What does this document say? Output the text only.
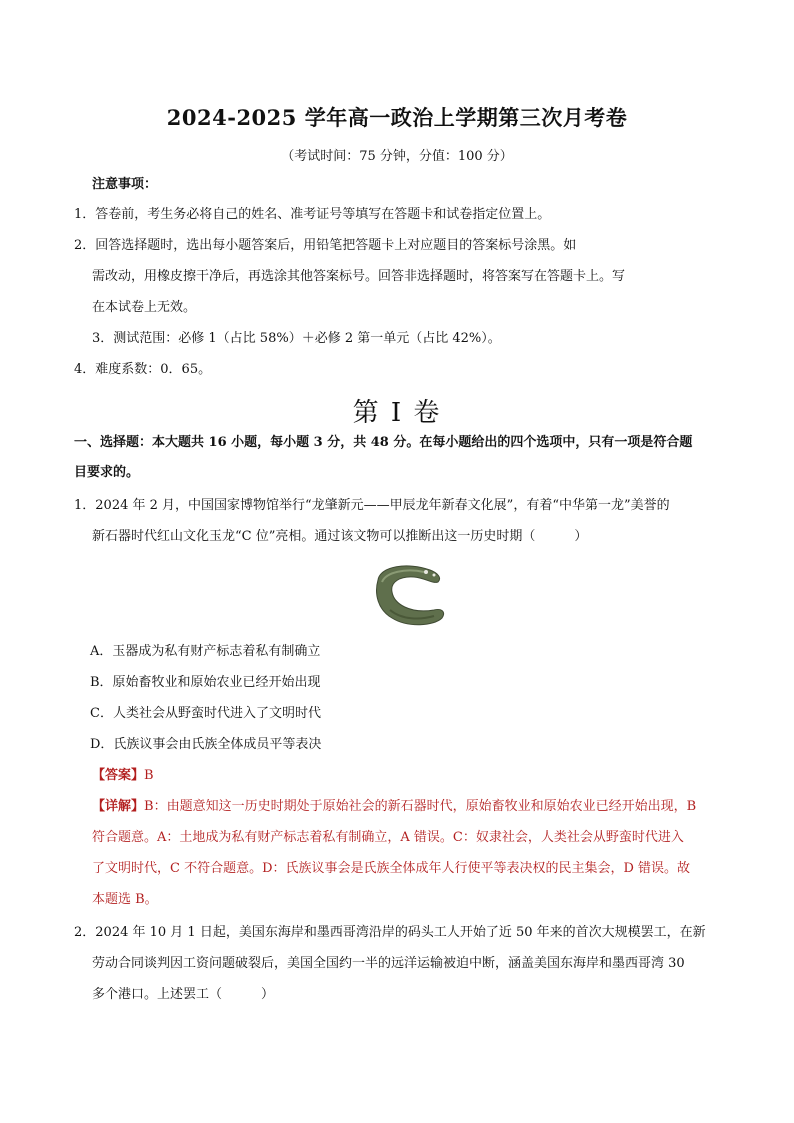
2024-2025 学年高一政治上学期第三次月考卷
（考试时间：75 分钟，分值：100 分）
注意事项：
1．答卷前，考生务必将自己的姓名、准考证号等填写在答题卡和试卷指定位置上。
2．回答选择题时，选出每小题答案后，用铅笔把答题卡上对应题目的答案标号涂黑。如
需改动，用橡皮擦干净后，再选涂其他答案标号。回答非选择题时，将答案写在答题卡上。写
在本试卷上无效。
3．测试范围：必修 1（占比 58%）＋必修 2 第一单元（占比 42%）。
4．难度系数：0．65。
第 I 卷
一、选择题：本大题共 16 小题，每小题 3 分，共 48 分。在每小题给出的四个选项中，只有一项是符合题
目要求的。
1．2024 年 2 月，中国国家博物馆举行“龙肇新元——甲辰龙年新春文化展”，有着“中华第一龙”美誉的
新石器时代红山文化玉龙“C 位”亮相。通过该文物可以推断出这一历史时期（　　　）
A．玉器成为私有财产标志着私有制确立
B．原始畜牧业和原始农业已经开始出现
C．人类社会从野蛮时代进入了文明时代
D．氏族议事会由氏族全体成员平等表决
【答案】B
【详解】B：由题意知这一历史时期处于原始社会的新石器时代，原始畜牧业和原始农业已经开始出现，B
符合题意。A：土地成为私有财产标志着私有制确立，A 错误。C：奴隶社会，人类社会从野蛮时代进入
了文明时代，C 不符合题意。D：氏族议事会是氏族全体成年人行使平等表决权的民主集会，D 错误。故
本题选 B。
2．2024 年 10 月 1 日起，美国东海岸和墨西哥湾沿岸的码头工人开始了近 50 年来的首次大规模罢工，在新
劳动合同谈判因工资问题破裂后，美国全国约一半的远洋运输被迫中断，涵盖美国东海岸和墨西哥湾 30
多个港口。上述罢工（　　　）
